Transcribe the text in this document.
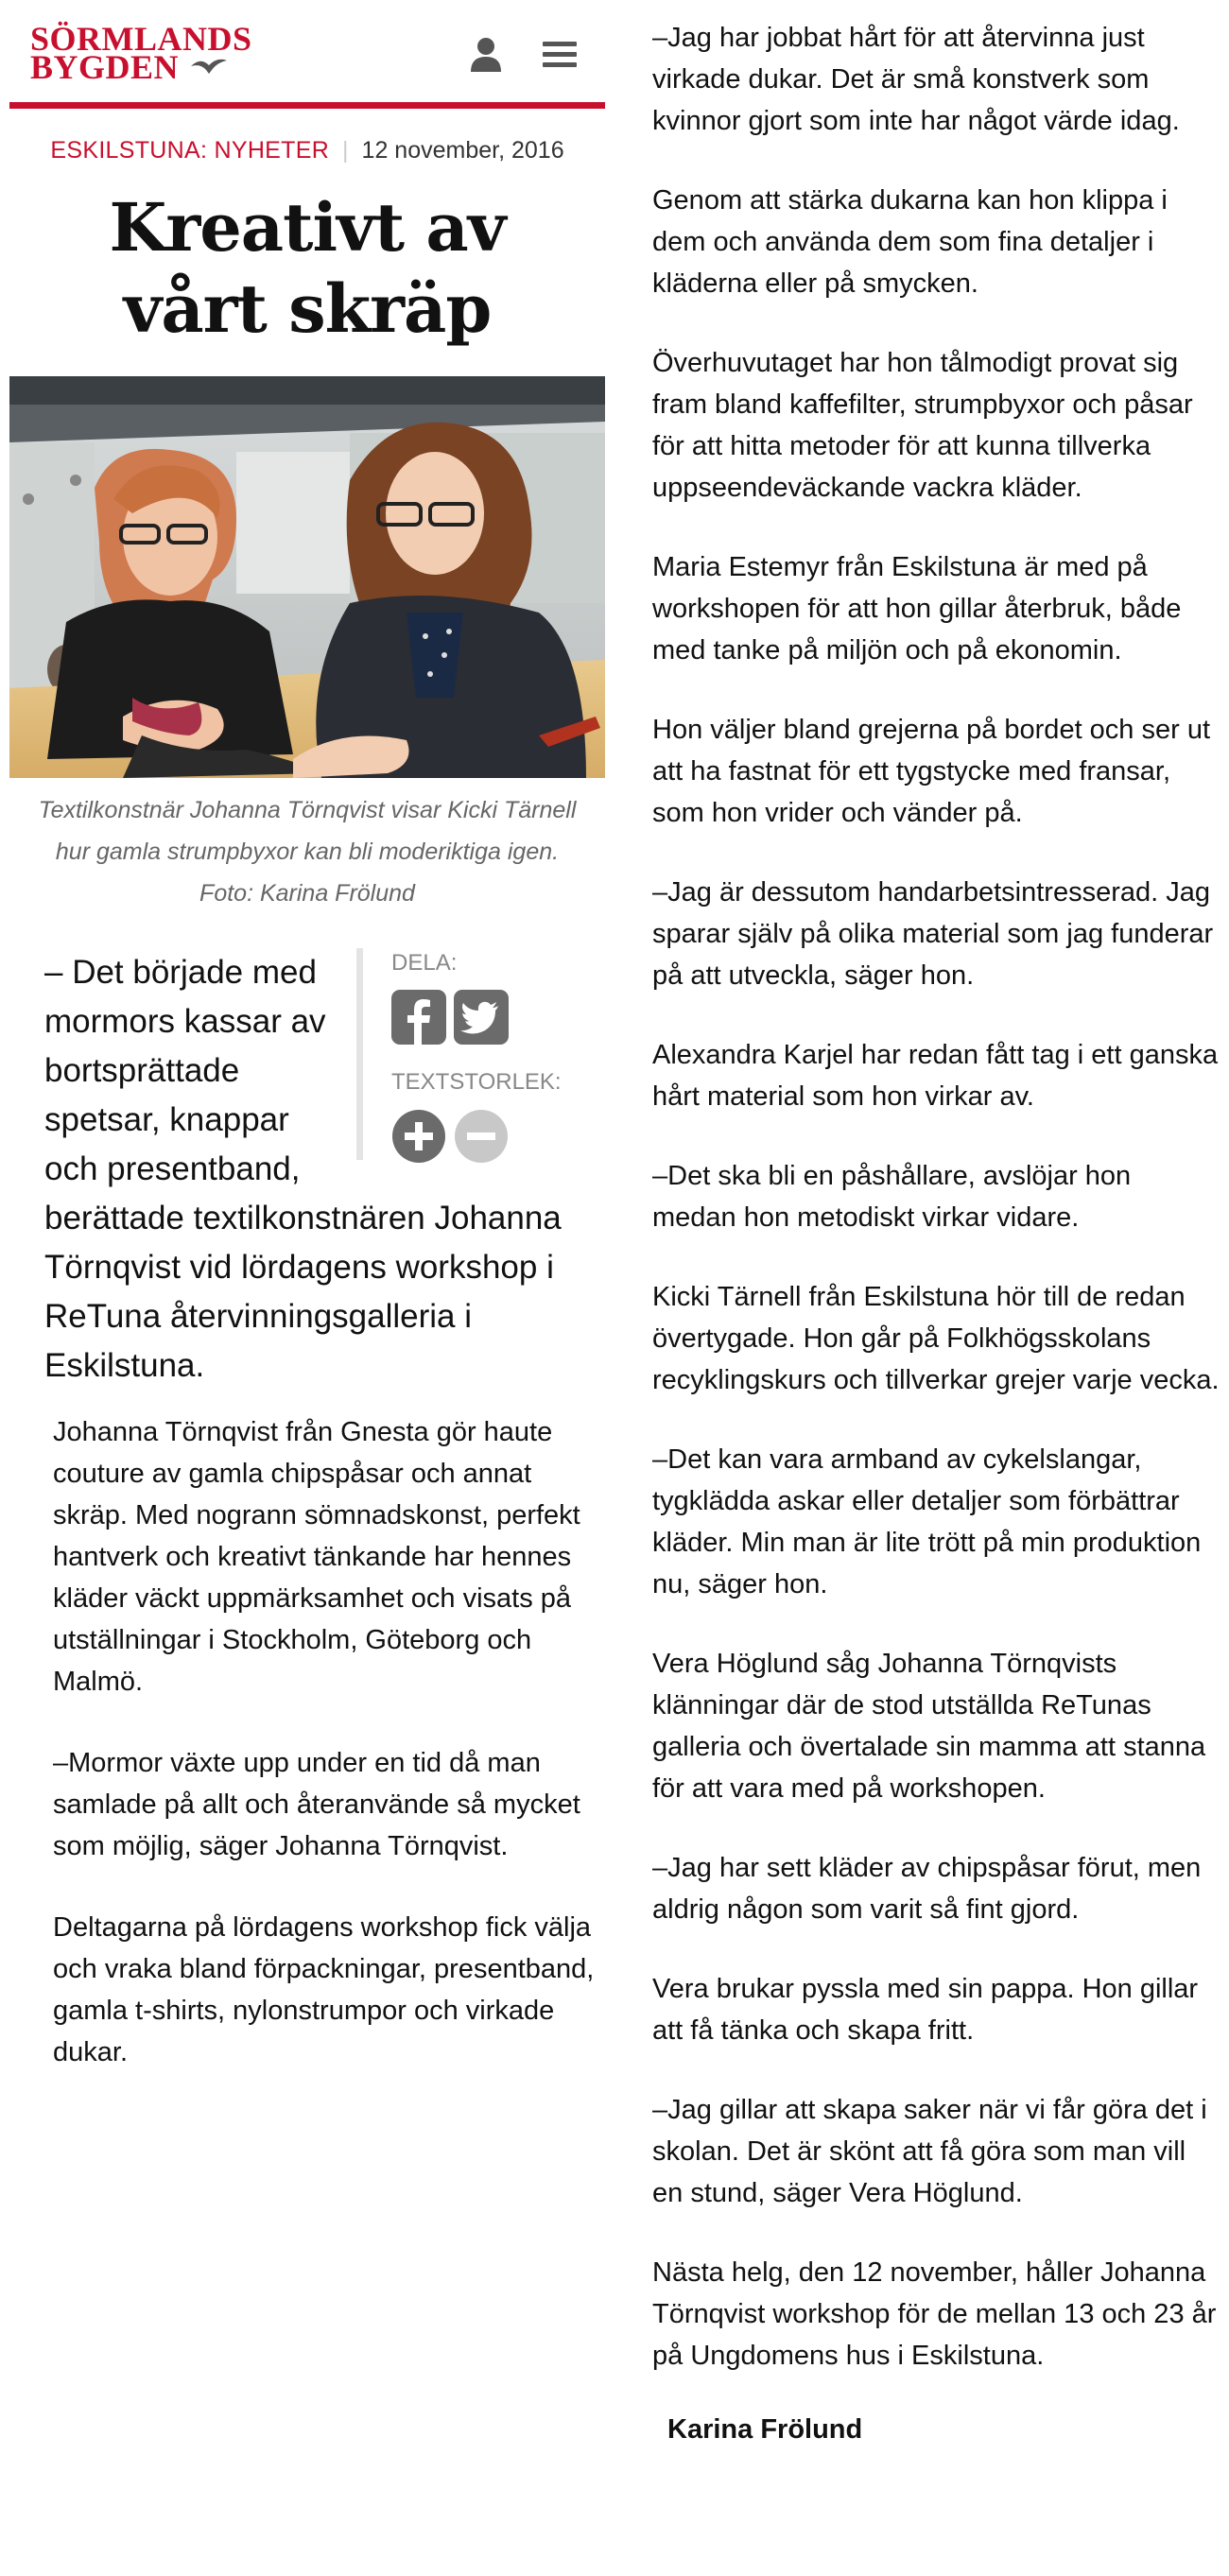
SÖRMLANDS
BYGDEN
ESKILSTUNA: NYHETER | 12 november, 2016
Kreativt av
vårt skräp
Textilkonstnär Johanna Törnqvist visar Kicki Tärnell hur gamla strumpbyxor kan bli moderiktiga igen. Foto: Karina Frölund
DELA:
TEXTSTORLEK:

– Det började med mormors kassar av bortsprättade spetsar, knappar och presentband, berättade textilkonstnären Johanna Törnqvist vid lördagens workshop i ReTuna återvinningsgalleria i Eskilstuna.

Johanna Törnqvist från Gnesta gör haute couture av gamla chipspåsar och annat skräp. Med nogrann sömnadskonst, perfekt hantverk och kreativt tänkande har hennes kläder väckt uppmärksamhet och visats på utställningar i Stockholm, Göteborg och Malmö.

–Mormor växte upp under en tid då man samlade på allt och återanvände så mycket som möjlig, säger Johanna Törnqvist.

Deltagarna på lördagens workshop fick välja och vraka bland förpackningar, presentband, gamla t-shirts, nylonstrumpor och virkade dukar.

–Jag har jobbat hårt för att återvinna just virkade dukar. Det är små konstverk som kvinnor gjort som inte har något värde idag.

Genom att stärka dukarna kan hon klippa i dem och använda dem som fina detaljer i kläderna eller på smycken.

Överhuvutaget har hon tålmodigt provat sig fram bland kaffefilter, strumpbyxor och påsar för att hitta metoder för att kunna tillverka uppseendeväckande vackra kläder.

Maria Estemyr från Eskilstuna är med på workshopen för att hon gillar återbruk, både med tanke på miljön och på ekonomin.

Hon väljer bland grejerna på bordet och ser ut att ha fastnat för ett tygstycke med fransar, som hon vrider och vänder på.

–Jag är dessutom handarbetsintresserad. Jag sparar själv på olika material som jag funderar på att utveckla, säger hon.

Alexandra Karjel har redan fått tag i ett ganska hårt material som hon virkar av.

–Det ska bli en påshållare, avslöjar hon medan hon metodiskt virkar vidare.

Kicki Tärnell från Eskilstuna hör till de redan övertygade. Hon går på Folkhögsskolans recyklingskurs och tillverkar grejer varje vecka.

–Det kan vara armband av cykelslangar, tygklädda askar eller detaljer som förbättrar kläder. Min man är lite trött på min produktion nu, säger hon.

Vera Höglund såg Johanna Törnqvists klänningar där de stod utställda ReTunas galleria och övertalade sin mamma att stanna för att vara med på workshopen.

–Jag har sett kläder av chipspåsar förut, men aldrig någon som varit så fint gjord.

Vera brukar pyssla med sin pappa. Hon gillar att få tänka och skapa fritt.

–Jag gillar att skapa saker när vi får göra det i skolan. Det är skönt att få göra som man vill en stund, säger Vera Höglund.

Nästa helg, den 12 november, håller Johanna Törnqvist workshop för de mellan 13 och 23 år på Ungdomens hus i Eskilstuna.

Karina Frölund
